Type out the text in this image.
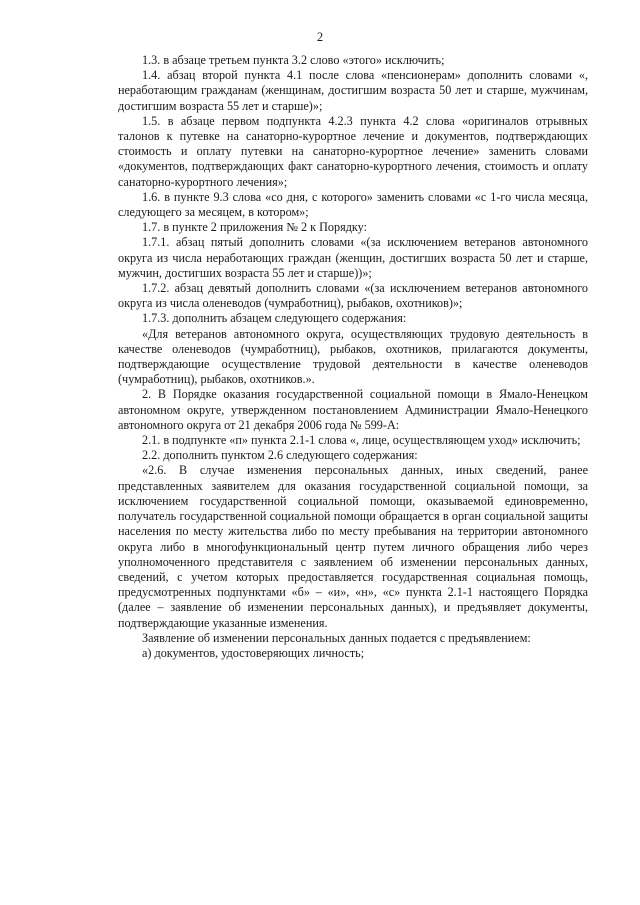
2

1.3. в абзаце третьем пункта 3.2 слово «этого» исключить;

1.4. абзац второй пункта 4.1 после слова «пенсионерам» дополнить словами «, неработающим гражданам (женщинам, достигшим возраста 50 лет и старше, мужчинам, достигшим возраста 55 лет и старше)»;

1.5. в абзаце первом подпункта 4.2.3 пункта 4.2 слова «оригиналов отрывных талонов к путевке на санаторно-курортное лечение и документов, подтверждающих стоимость и оплату путевки на санаторно-курортное лечение» заменить словами «документов, подтверждающих факт санаторно-курортного лечения, стоимость и оплату санаторно-курортного лечения»;

1.6. в пункте 9.3 слова «со дня, с которого» заменить словами «с 1-го числа месяца, следующего за месяцем, в котором»;

1.7. в пункте 2 приложения № 2 к Порядку:

1.7.1. абзац пятый дополнить словами «(за исключением ветеранов автономного округа из числа неработающих граждан (женщин, достигших возраста 50 лет и старше, мужчин, достигших возраста 55 лет и старше))»;

1.7.2. абзац девятый дополнить словами «(за исключением ветеранов автономного округа из числа оленеводов (чумработниц), рыбаков, охотников)»;

1.7.3. дополнить абзацем следующего содержания:

«Для ветеранов автономного округа, осуществляющих трудовую деятельность в качестве оленеводов (чумработниц), рыбаков, охотников, прилагаются документы, подтверждающие осуществление трудовой деятельности в качестве оленеводов (чумработниц), рыбаков, охотников.».

2. В Порядке оказания государственной социальной помощи в Ямало-Ненецком автономном округе, утвержденном постановлением Администрации Ямало-Ненецкого автономного округа от 21 декабря 2006 года № 599-А:

2.1. в подпункте «п» пункта 2.1-1 слова «, лице, осуществляющем уход» исключить;

2.2. дополнить пунктом 2.6 следующего содержания:

«2.6. В случае изменения персональных данных, иных сведений, ранее представленных заявителем для оказания государственной социальной помощи, за исключением государственной социальной помощи, оказываемой единовременно, получатель государственной социальной помощи обращается в орган социальной защиты населения по месту жительства либо по месту пребывания на территории автономного округа либо в многофункциональный центр путем личного обращения либо через уполномоченного представителя с заявлением об изменении персональных данных, сведений, с учетом которых предоставляется государственная социальная помощь, предусмотренных подпунктами «б» – «и», «н», «с» пункта 2.1-1 настоящего Порядка (далее – заявление об изменении персональных данных), и предъявляет документы, подтверждающие указанные изменения.

Заявление об изменении персональных данных подается с предъявлением:

а) документов, удостоверяющих личность;
